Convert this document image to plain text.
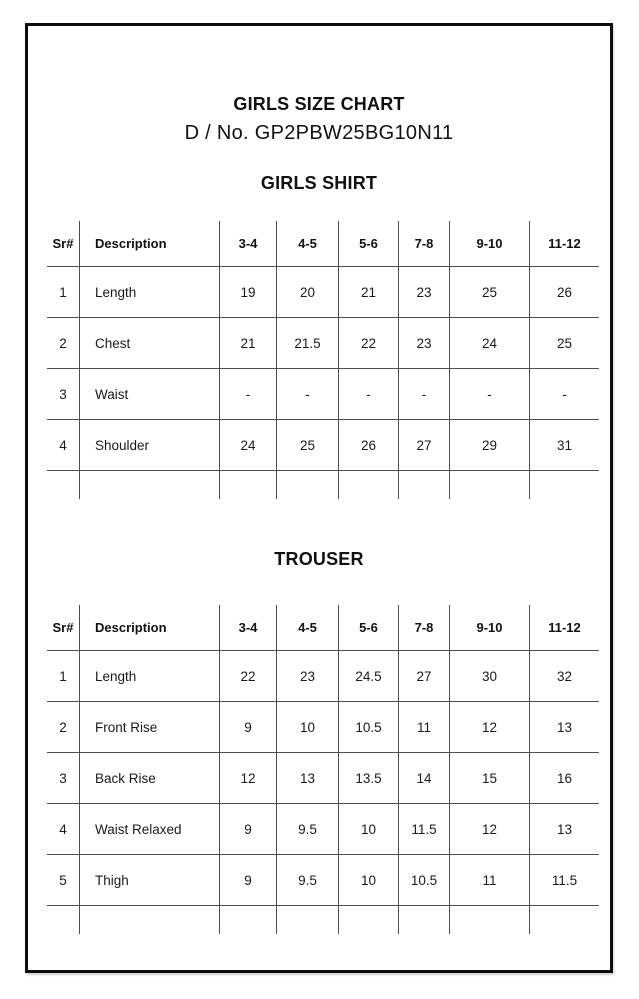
GIRLS SIZE CHART
D / No. GP2PBW25BG10N11
GIRLS SHIRT
Sr#	Description	3-4	4-5	5-6	7-8	9-10	11-12
1	Length	19	20	21	23	25	26
2	Chest	21	21.5	22	23	24	25
3	Waist	-	-	-	-	-	-
4	Shoulder	24	25	26	27	29	31
TROUSER
Sr#	Description	3-4	4-5	5-6	7-8	9-10	11-12
1	Length	22	23	24.5	27	30	32
2	Front Rise	9	10	10.5	11	12	13
3	Back Rise	12	13	13.5	14	15	16
4	Waist Relaxed	9	9.5	10	11.5	12	13
5	Thigh	9	9.5	10	10.5	11	11.5
